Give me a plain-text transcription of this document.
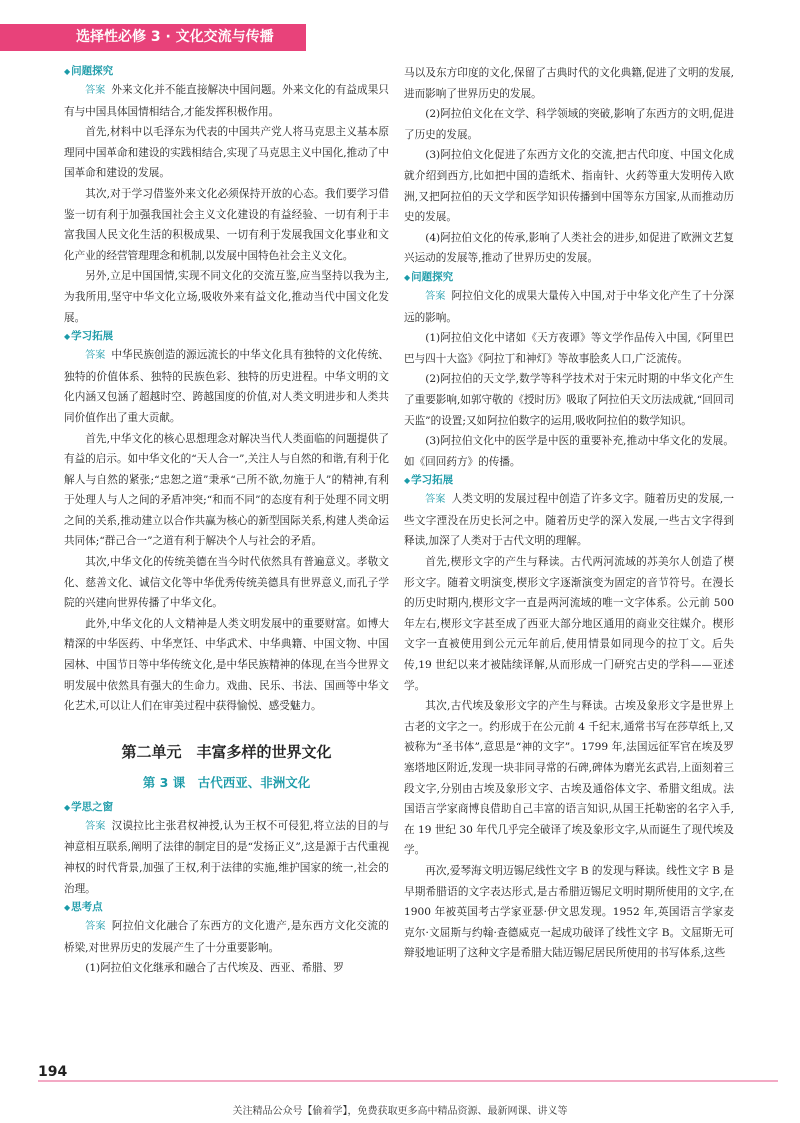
选择性必修 3 · 文化交流与传播
◆ 问题探究

答案 外来文化并不能直接解决中国问题。外来文化的有益成果只有与中国具体国情相结合,才能发挥积极作用。

首先,材料中以毛泽东为代表的中国共产党人将马克思主义基本原理同中国革命和建设的实践相结合,实现了马克思主义中国化,推动了中国革命和建设的发展。

其次,对于学习借鉴外来文化必须保持开放的心态。我们要学习借鉴一切有利于加强我国社会主义文化建设的有益经验、一切有利于丰富我国人民文化生活的积极成果、一切有利于发展我国文化事业和文化产业的经营管理理念和机制,以发展中国特色社会主义文化。

另外,立足中国国情,实现不同文化的交流互鉴,应当坚持以我为主,为我所用,坚守中华文化立场,吸收外来有益文化,推动当代中国文化发展。

◆ 学习拓展

答案 中华民族创造的源远流长的中华文化具有独特的文化传统、独特的价值体系、独特的民族色彩、独特的历史进程。中华文明的文化内涵又包涵了超越时空、跨越国度的价值,对人类文明进步和人类共同价值作出了重大贡献。

首先,中华文化的核心思想理念对解决当代人类面临的问题提供了有益的启示。如中华文化的“天人合一”,关注人与自然的和谐,有利于化解人与自然的紧张;“忠恕之道”秉承“己所不欲,勿施于人”的精神,有利于处理人与人之间的矛盾冲突;“和而不同”的态度有利于处理不同文明之间的关系,推动建立以合作共赢为核心的新型国际关系,构建人类命运共同体;“群己合一”之道有利于解决个人与社会的矛盾。

其次,中华文化的传统美德在当今时代依然具有普遍意义。孝敬文化、慈善文化、诚信文化等中华优秀传统美德具有世界意义,而孔子学院的兴建向世界传播了中华文化。

此外,中华文化的人文精神是人类文明发展中的重要财富。如博大精深的中华医药、中华烹饪、中华武术、中华典籍、中国文物、中国园林、中国节日等中华传统文化,是中华民族精神的体现,在当今世界文明发展中依然具有强大的生命力。戏曲、民乐、书法、国画等中华文化艺术,可以让人们在审美过程中获得愉悦、感受魅力。

第二单元　丰富多样的世界文化
第 3 课　古代西亚、非洲文化
◆ 学思之窗

答案 汉谟拉比主张君权神授,认为王权不可侵犯,将立法的目的与神意相互联系,阐明了法律的制定目的是“发扬正义”,这是源于古代重视神权的时代背景,加强了王权,利于法律的实施,维护国家的统一,社会的治理。

◆ 思考点

答案 阿拉伯文化融合了东西方的文化遗产,是东西方文化交流的桥梁,对世界历史的发展产生了十分重要影响。

(1)阿拉伯文化继承和融合了古代埃及、西亚、希腊、罗

马以及东方印度的文化,保留了古典时代的文化典籍,促进了文明的发展,进而影响了世界历史的发展。

(2)阿拉伯文化在文学、科学领域的突破,影响了东西方的文明,促进了历史的发展。

(3)阿拉伯文化促进了东西方文化的交流,把古代印度、中国文化成就介绍到西方,比如把中国的造纸术、指南针、火药等重大发明传入欧洲,又把阿拉伯的天文学和医学知识传播到中国等东方国家,从而推动历史的发展。

(4)阿拉伯文化的传承,影响了人类社会的进步,如促进了欧洲文艺复兴运动的发展等,推动了世界历史的发展。

◆ 问题探究

答案 阿拉伯文化的成果大量传入中国,对于中华文化产生了十分深远的影响。

(1)阿拉伯文化中诸如《天方夜谭》等文学作品传入中国,《阿里巴巴与四十大盗》《阿拉丁和神灯》等故事脍炙人口,广泛流传。

(2)阿拉伯的天文学,数学等科学技术对于宋元时期的中华文化产生了重要影响,如郭守敬的《授时历》吸取了阿拉伯天文历法成就,“回回司天监”的设置;又如阿拉伯数字的运用,吸收阿拉伯的数学知识。

(3)阿拉伯文化中的医学是中医的重要补充,推动中华文化的发展。如《回回药方》的传播。

◆ 学习拓展

答案 人类文明的发展过程中创造了许多文字。随着历史的发展,一些文字湮没在历史长河之中。随着历史学的深入发展,一些古文字得到释读,加深了人类对于古代文明的理解。

首先,楔形文字的产生与释读。古代两河流域的苏美尔人创造了楔形文字。随着文明演变,楔形文字逐渐演变为固定的音节符号。在漫长的历史时期内,楔形文字一直是两河流域的唯一文字体系。公元前 500 年左右,楔形文字甚至成了西亚大部分地区通用的商业交往媒介。楔形文字一直被使用到公元元年前后,使用情景如同现今的拉丁文。后失传,19 世纪以来才被陆续译解,从而形成一门研究古史的学科——亚述学。

其次,古代埃及象形文字的产生与释读。古埃及象形文字是世界上古老的文字之一。约形成于在公元前 4 千纪末,通常书写在莎草纸上,又被称为“圣书体”,意思是“神的文字”。1799 年,法国远征军官在埃及罗塞塔地区附近,发现一块非同寻常的石碑,碑体为磨光玄武岩,上面刻着三段文字,分别由古埃及象形文字、古埃及通俗体文字、希腊文组成。法国语言学家商博良借助自己丰富的语言知识,从国王托勒密的名字入手,在 19 世纪 30 年代几乎完全破译了埃及象形文字,从而诞生了现代埃及学。

再次,爱琴海文明迈锡尼线性文字 B 的发现与释读。线性文字 B 是早期希腊语的文字表达形式,是古希腊迈锡尼文明时期所使用的文字,在 1900 年被英国考古学家亚瑟·伊文思发现。1952 年,英国语言学家麦克尔·文屈斯与约翰·查德威克一起成功破译了线性文字 B。文屈斯无可辩驳地证明了这种文字是希腊大陆迈锡尼居民所使用的书写体系,这些

194
关注精品公众号【偷着学】，免费获取更多高中精品资源、最新网课、讲义等
